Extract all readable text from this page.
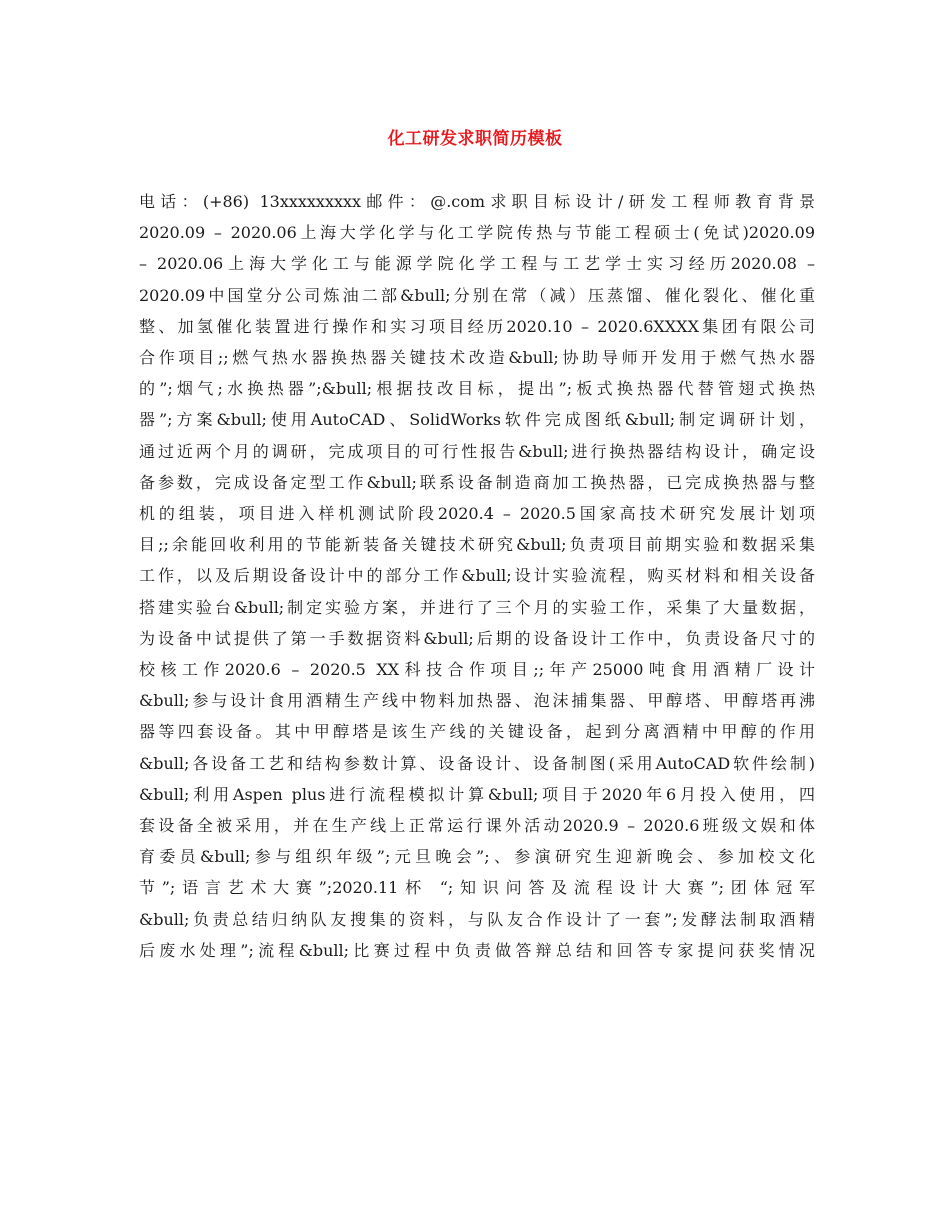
化工研发求职简历模板
电话：(+86) 13xxxxxxxxx邮件：@.com求职目标设计/研发工程师教育背景
2020.09 – 2020.06上海大学化学与化工学院传热与节能工程硕士(免试)2020.09
– 2020.06上海大学化工与能源学院化学工程与工艺学士实习经历2020.08 –
2020.09中国堂分公司炼油二部&bull;分别在常（减）压蒸馏、催化裂化、催化重
整、加氢催化装置进行操作和实习项目经历2020.10 – 2020.6XXXX集团有限公司
合作项目;;燃气热水器换热器关键技术改造&bull;协助导师开发用于燃气热水器
的”;烟气;水换热器”;&bull;根据技改目标，提出”;板式换热器代替管翅式换热
器”;方案&bull;使用AutoCAD、SolidWorks软件完成图纸&bull;制定调研计划，
通过近两个月的调研，完成项目的可行性报告&bull;进行换热器结构设计，确定设
备参数，完成设备定型工作&bull;联系设备制造商加工换热器，已完成换热器与整
机的组装，项目进入样机测试阶段2020.4 – 2020.5国家高技术研究发展计划项
目;;余能回收利用的节能新装备关键技术研究&bull;负责项目前期实验和数据采集
工作，以及后期设备设计中的部分工作&bull;设计实验流程，购买材料和相关设备
搭建实验台&bull;制定实验方案，并进行了三个月的实验工作，采集了大量数据，
为设备中试提供了第一手数据资料&bull;后期的设备设计工作中，负责设备尺寸的
校核工作2020.6 – 2020.5 XX科技合作项目;;年产25000吨食用酒精厂设计
&bull;参与设计食用酒精生产线中物料加热器、泡沫捕集器、甲醇塔、甲醇塔再沸
器等四套设备。其中甲醇塔是该生产线的关键设备，起到分离酒精中甲醇的作用
&bull;各设备工艺和结构参数计算、设备设计、设备制图(采用AutoCAD软件绘制)
&bull;利用Aspen plus进行流程模拟计算&bull;项目于2020年6月投入使用，四
套设备全被采用，并在生产线上正常运行课外活动2020.9 – 2020.6班级文娱和体
育委员&bull;参与组织年级”;元旦晚会”;、参演研究生迎新晚会、参加校文化
节”;语言艺术大赛”;2020.11杯 “;知识问答及流程设计大赛”;团体冠军
&bull;负责总结归纳队友搜集的资料，与队友合作设计了一套”;发酵法制取酒精
后废水处理”;流程&bull;比赛过程中负责做答辩总结和回答专家提问获奖情况
